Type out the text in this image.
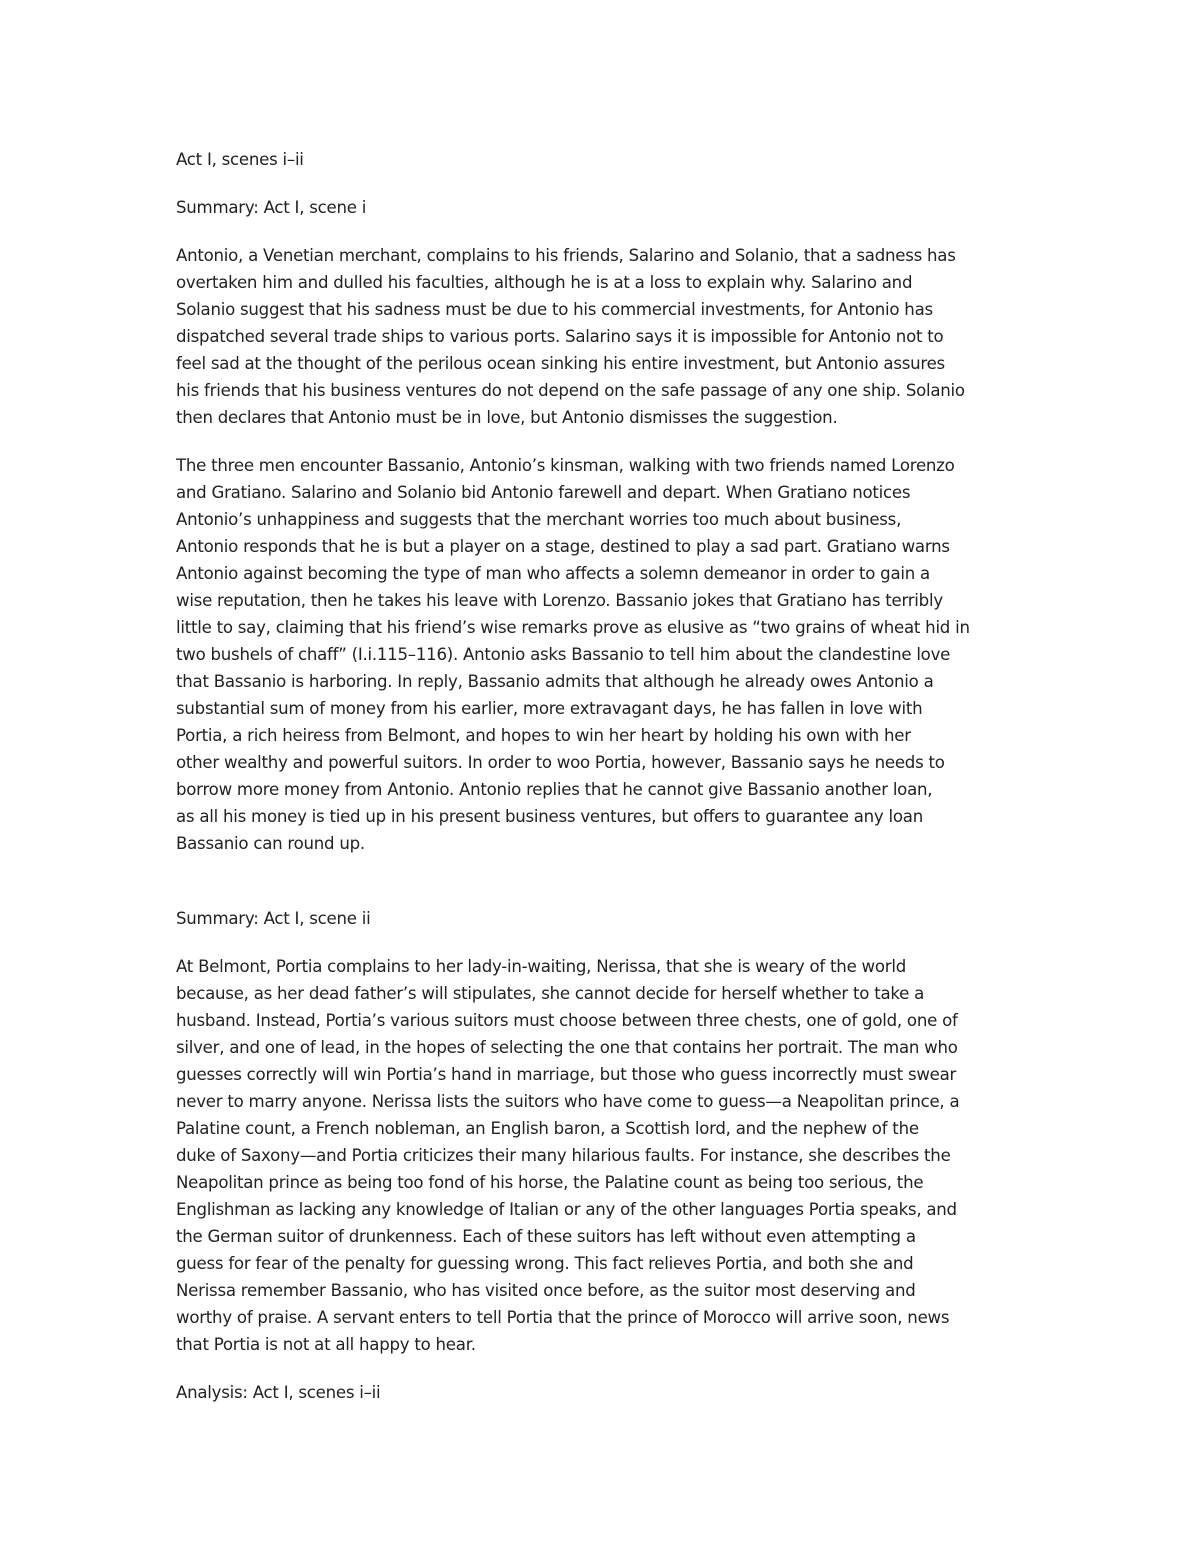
Act I, scenes i–ii
Summary: Act I, scene i
Antonio, a Venetian merchant, complains to his friends, Salarino and Solanio, that a sadness has
overtaken him and dulled his faculties, although he is at a loss to explain why. Salarino and
Solanio suggest that his sadness must be due to his commercial investments, for Antonio has
dispatched several trade ships to various ports. Salarino says it is impossible for Antonio not to
feel sad at the thought of the perilous ocean sinking his entire investment, but Antonio assures
his friends that his business ventures do not depend on the safe passage of any one ship. Solanio
then declares that Antonio must be in love, but Antonio dismisses the suggestion.
The three men encounter Bassanio, Antonio’s kinsman, walking with two friends named Lorenzo
and Gratiano. Salarino and Solanio bid Antonio farewell and depart. When Gratiano notices
Antonio’s unhappiness and suggests that the merchant worries too much about business,
Antonio responds that he is but a player on a stage, destined to play a sad part. Gratiano warns
Antonio against becoming the type of man who affects a solemn demeanor in order to gain a
wise reputation, then he takes his leave with Lorenzo. Bassanio jokes that Gratiano has terribly
little to say, claiming that his friend’s wise remarks prove as elusive as “two grains of wheat hid in
two bushels of chaff” (I.i.115–116). Antonio asks Bassanio to tell him about the clandestine love
that Bassanio is harboring. In reply, Bassanio admits that although he already owes Antonio a
substantial sum of money from his earlier, more extravagant days, he has fallen in love with
Portia, a rich heiress from Belmont, and hopes to win her heart by holding his own with her
other wealthy and powerful suitors. In order to woo Portia, however, Bassanio says he needs to
borrow more money from Antonio. Antonio replies that he cannot give Bassanio another loan,
as all his money is tied up in his present business ventures, but offers to guarantee any loan
Bassanio can round up.
Summary: Act I, scene ii
At Belmont, Portia complains to her lady-in-waiting, Nerissa, that she is weary of the world
because, as her dead father’s will stipulates, she cannot decide for herself whether to take a
husband. Instead, Portia’s various suitors must choose between three chests, one of gold, one of
silver, and one of lead, in the hopes of selecting the one that contains her portrait. The man who
guesses correctly will win Portia’s hand in marriage, but those who guess incorrectly must swear
never to marry anyone. Nerissa lists the suitors who have come to guess—a Neapolitan prince, a
Palatine count, a French nobleman, an English baron, a Scottish lord, and the nephew of the
duke of Saxony—and Portia criticizes their many hilarious faults. For instance, she describes the
Neapolitan prince as being too fond of his horse, the Palatine count as being too serious, the
Englishman as lacking any knowledge of Italian or any of the other languages Portia speaks, and
the German suitor of drunkenness. Each of these suitors has left without even attempting a
guess for fear of the penalty for guessing wrong. This fact relieves Portia, and both she and
Nerissa remember Bassanio, who has visited once before, as the suitor most deserving and
worthy of praise. A servant enters to tell Portia that the prince of Morocco will arrive soon, news
that Portia is not at all happy to hear.
Analysis: Act I, scenes i–ii
